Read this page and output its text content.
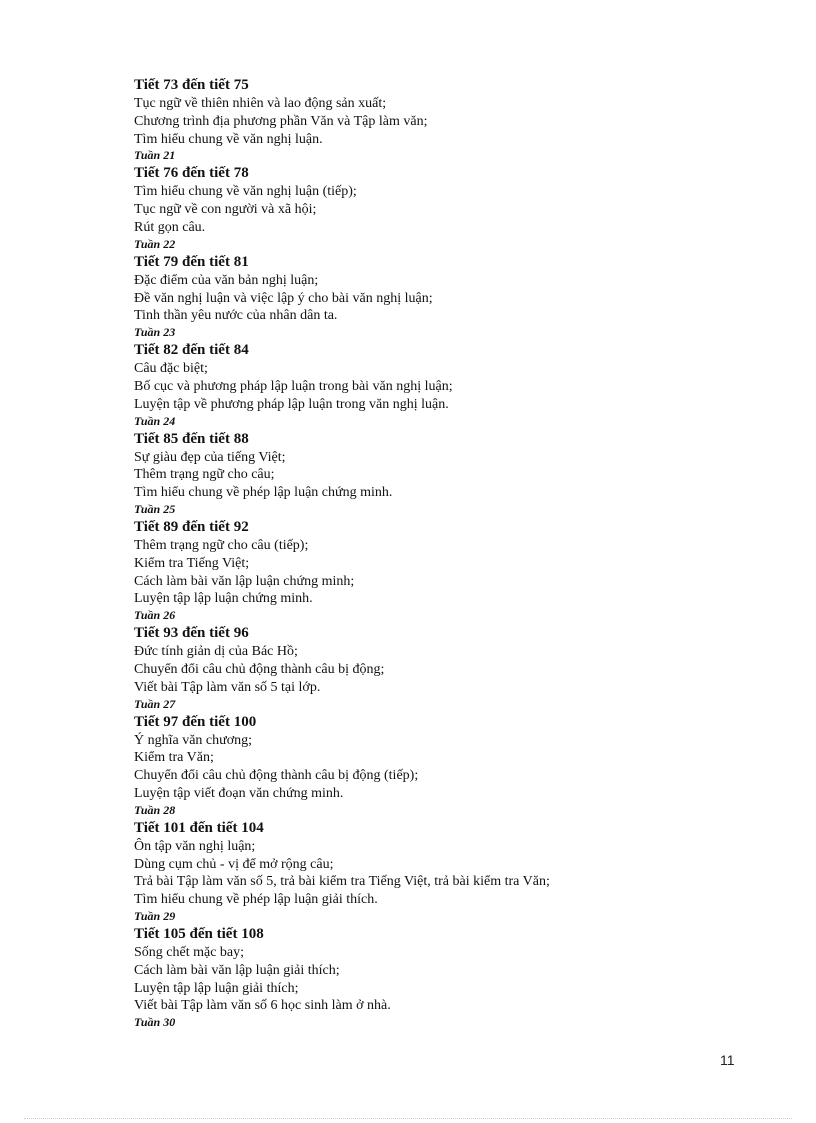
Tiết 73 đến tiết 75
Tục ngữ về thiên nhiên và lao động sản xuất;
Chương trình địa phương phần Văn và Tập làm văn;
Tìm hiểu chung về văn nghị luận.
Tuần 21
Tiết 76 đến tiết 78
Tìm hiểu chung về văn nghị luận (tiếp);
Tục ngữ về con người và xã hội;
Rút gọn câu.
Tuần 22
Tiết 79 đến tiết 81
Đặc điểm của văn bản nghị luận;
Đề văn nghị luận và việc lập ý cho bài văn nghị luận;
Tinh thần yêu nước của nhân dân ta.
Tuần 23
Tiết 82 đến tiết 84
Câu đặc biệt;
Bố cục và phương pháp lập luận trong bài văn nghị luận;
Luyện tập về phương pháp lập luận trong văn nghị luận.
Tuần 24
Tiết 85 đến tiết 88
Sự giàu đẹp của tiếng Việt;
Thêm trạng ngữ cho câu;
Tìm hiểu chung về phép lập luận chứng minh.
Tuần 25
Tiết 89 đến tiết 92
Thêm trạng ngữ cho câu (tiếp);
Kiểm tra Tiếng Việt;
Cách làm bài văn lập luận chứng minh;
Luyện tập lập luận chứng minh.
Tuần 26
Tiết 93 đến tiết 96
Đức tính giản dị của Bác Hồ;
Chuyển đổi câu chủ động thành câu bị động;
Viết bài Tập làm văn số 5 tại lớp.
Tuần 27
Tiết 97 đến tiết 100
Ý nghĩa văn chương;
Kiểm tra Văn;
Chuyển đổi câu chủ động thành câu bị động (tiếp);
Luyện tập viết đoạn văn chứng minh.
Tuần 28
Tiết 101 đến tiết 104
Ôn tập văn nghị luận;
Dùng cụm chủ - vị để mở rộng câu;
Trả bài Tập làm văn số 5, trả bài kiểm tra Tiếng Việt, trả bài kiểm tra Văn;
Tìm hiểu chung về phép lập luận giải thích.
Tuần 29
Tiết 105 đến tiết 108
Sống chết mặc bay;
Cách làm bài văn lập luận giải thích;
Luyện tập lập luận giải thích;
Viết bài Tập làm văn số 6 học sinh làm ở nhà.
Tuần 30
11
